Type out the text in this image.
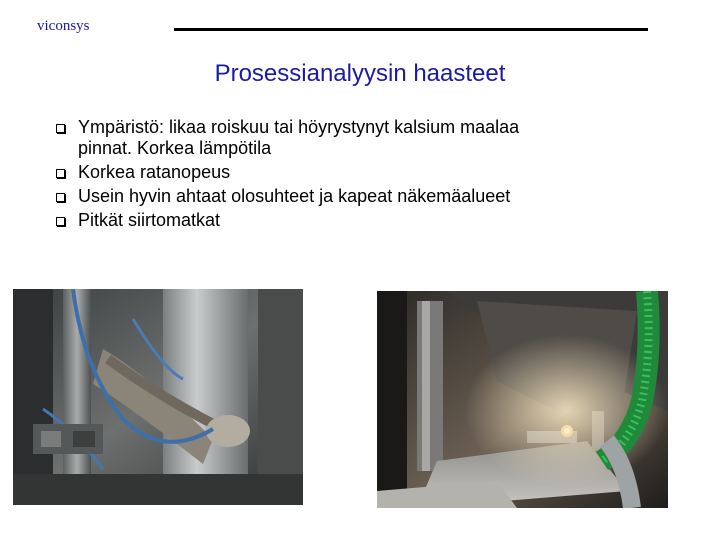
viconsys
Prosessianalyysin haasteet
Ympäristö: likaa roiskuu tai höyrystynyt kalsium maalaa
pinnat. Korkea lämpötila
Korkea ratanopeus
Usein hyvin ahtaat olosuhteet ja kapeat näkemäalueet
Pitkät siirtomatkat
